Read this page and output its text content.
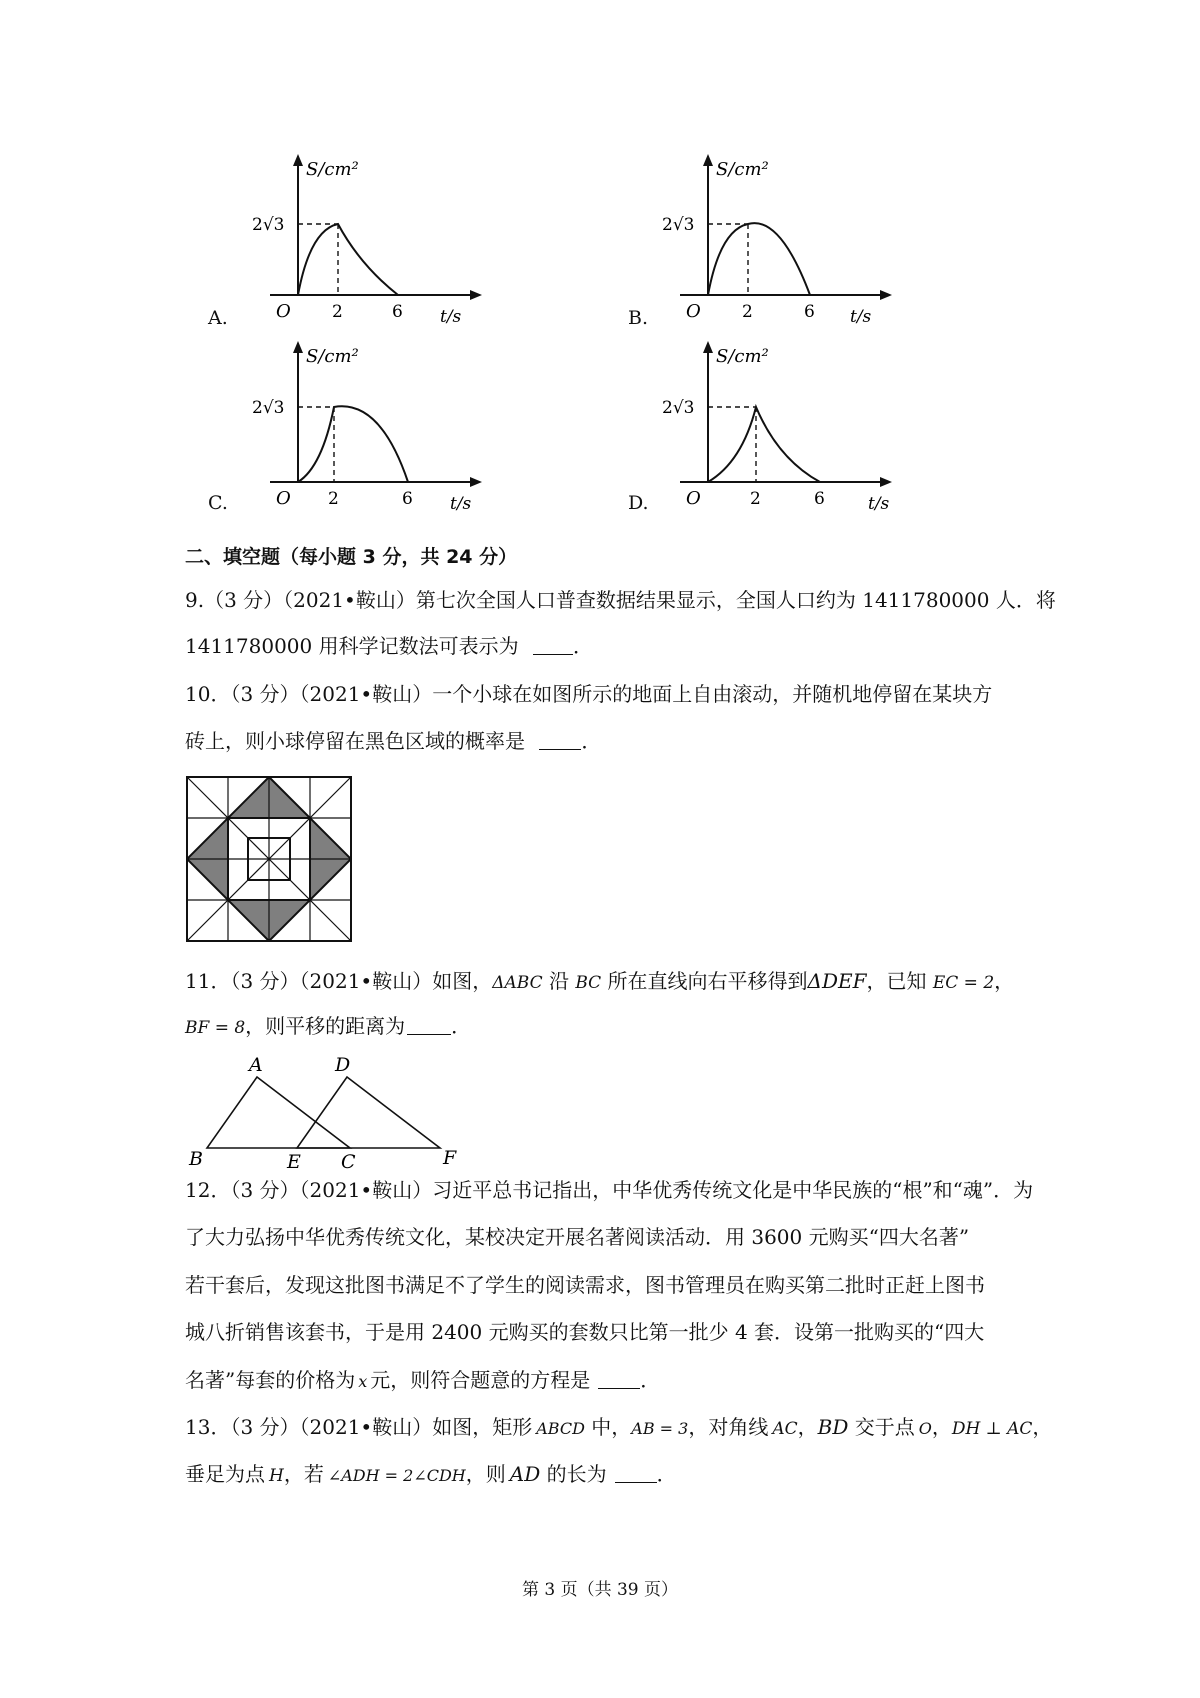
S/cm²
2√3
O 2	6 t/s
A.
S/cm²
2√3
O 2	6 t/s
B.
S/cm²
2√3
O 2	6 t/s
C.
S/cm²
2√3
O	2	6	t/s
D.
二、填空题（每小题 3 分，共 24 分）
9.（3 分）（2021•鞍山）第七次全国人口普查数据结果显示，全国人口约为 1411780000 人．将
1411780000 用科学记数法可表示为	．
10．（3 分）（2021•鞍山）一个小球在如图所示的地面上自由滚动，并随机地停留在某块方
砖上，则小球停留在黑色区域的概率是	．
11．（3 分）（2021•鞍山）如图，ΔABC 沿 BC 所在直线向右平移得到ΔDEF，已知 EC = 2，
BF = 8，则平移的距离为 ．
A
B	C
D
E	F
12．（3 分）（2021•鞍山）习近平总书记指出，中华优秀传统文化是中华民族的“根”和“魂”．为
了大力弘扬中华优秀传统文化，某校决定开展名著阅读活动．用 3600 元购买“四大名著”
若干套后，发现这批图书满足不了学生的阅读需求，图书管理员在购买第二批时正赶上图书
城八折销售该套书，于是用 2400 元购买的套数只比第一批少 4 套．设第一批购买的“四大
名著”每套的价格为 x 元，则符合题意的方程是	．
13．（3 分）（2021•鞍山）如图，矩形 ABCD 中，AB = 3，对角线 AC，BD 交于点 O，DH ⊥ AC，
垂足为点 H，若 ∠ADH = 2∠CDH，则 AD 的长为	．
第 3 页（共 39 页）
